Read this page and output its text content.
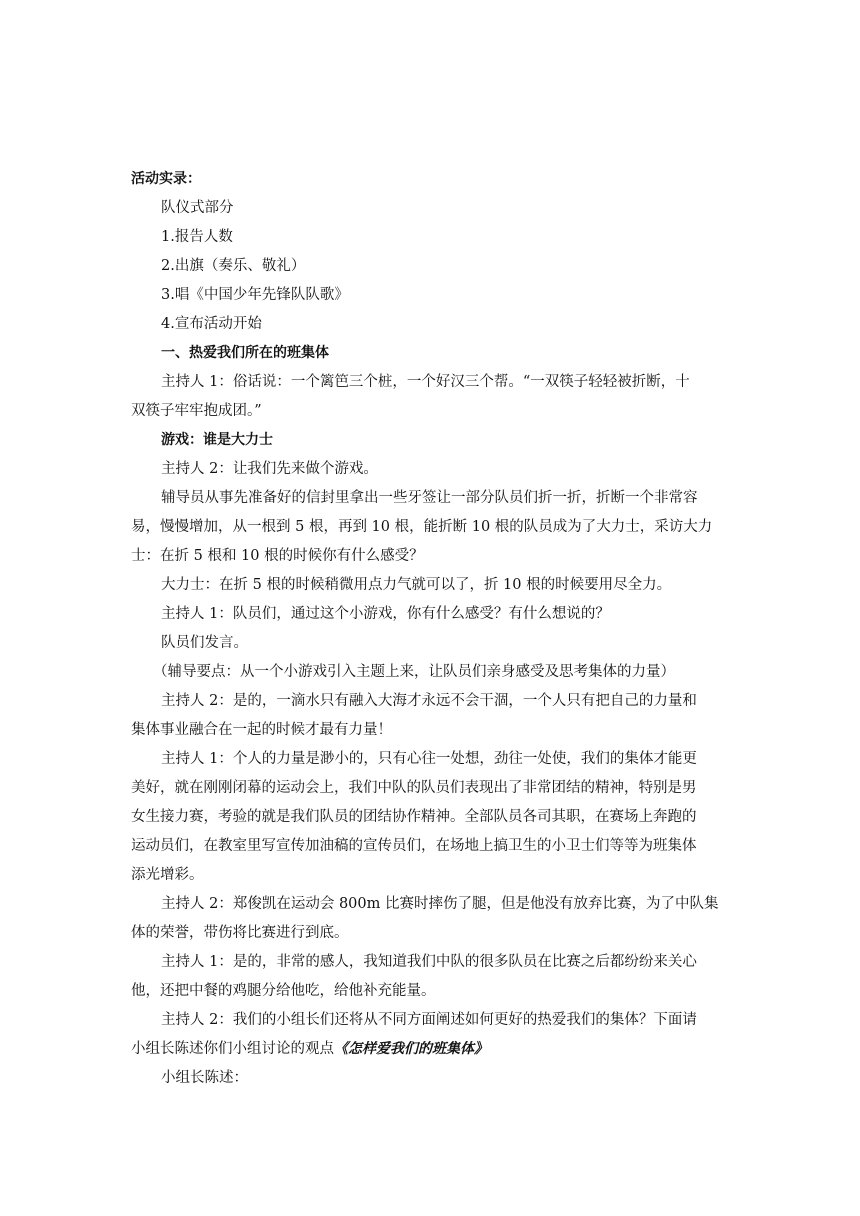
活动实录：
队仪式部分
1.报告人数
2.出旗（奏乐、敬礼）
3.唱《中国少年先锋队队歌》
4.宣布活动开始
一、热爱我们所在的班集体
主持人 1：俗话说：一个篱笆三个桩，一个好汉三个帮。“一双筷子轻轻被折断，十
双筷子牢牢抱成团。”
游戏：谁是大力士
主持人 2：让我们先来做个游戏。
辅导员从事先准备好的信封里拿出一些牙签让一部分队员们折一折，折断一个非常容
易，慢慢增加，从一根到 5 根，再到 10 根，能折断 10 根的队员成为了大力士，采访大力
士：在折 5 根和 10 根的时候你有什么感受？
大力士：在折 5 根的时候稍微用点力气就可以了，折 10 根的时候要用尽全力。
主持人 1：队员们，通过这个小游戏，你有什么感受？有什么想说的？
队员们发言。
（辅导要点：从一个小游戏引入主题上来，让队员们亲身感受及思考集体的力量）
主持人 2：是的，一滴水只有融入大海才永远不会干涸，一个人只有把自己的力量和
集体事业融合在一起的时候才最有力量！
主持人 1：个人的力量是渺小的，只有心往一处想，劲往一处使，我们的集体才能更
美好，就在刚刚闭幕的运动会上，我们中队的队员们表现出了非常团结的精神，特别是男
女生接力赛，考验的就是我们队员的团结协作精神。全部队员各司其职，在赛场上奔跑的
运动员们，在教室里写宣传加油稿的宣传员们，在场地上搞卫生的小卫士们等等为班集体
添光增彩。
主持人 2：郑俊凯在运动会 800m 比赛时摔伤了腿，但是他没有放弃比赛，为了中队集
体的荣誉，带伤将比赛进行到底。
主持人 1：是的，非常的感人，我知道我们中队的很多队员在比赛之后都纷纷来关心
他，还把中餐的鸡腿分给他吃，给他补充能量。
主持人 2：我们的小组长们还将从不同方面阐述如何更好的热爱我们的集体？下面请
小组长陈述你们小组讨论的观点《怎样爱我们的班集体》
小组长陈述：
